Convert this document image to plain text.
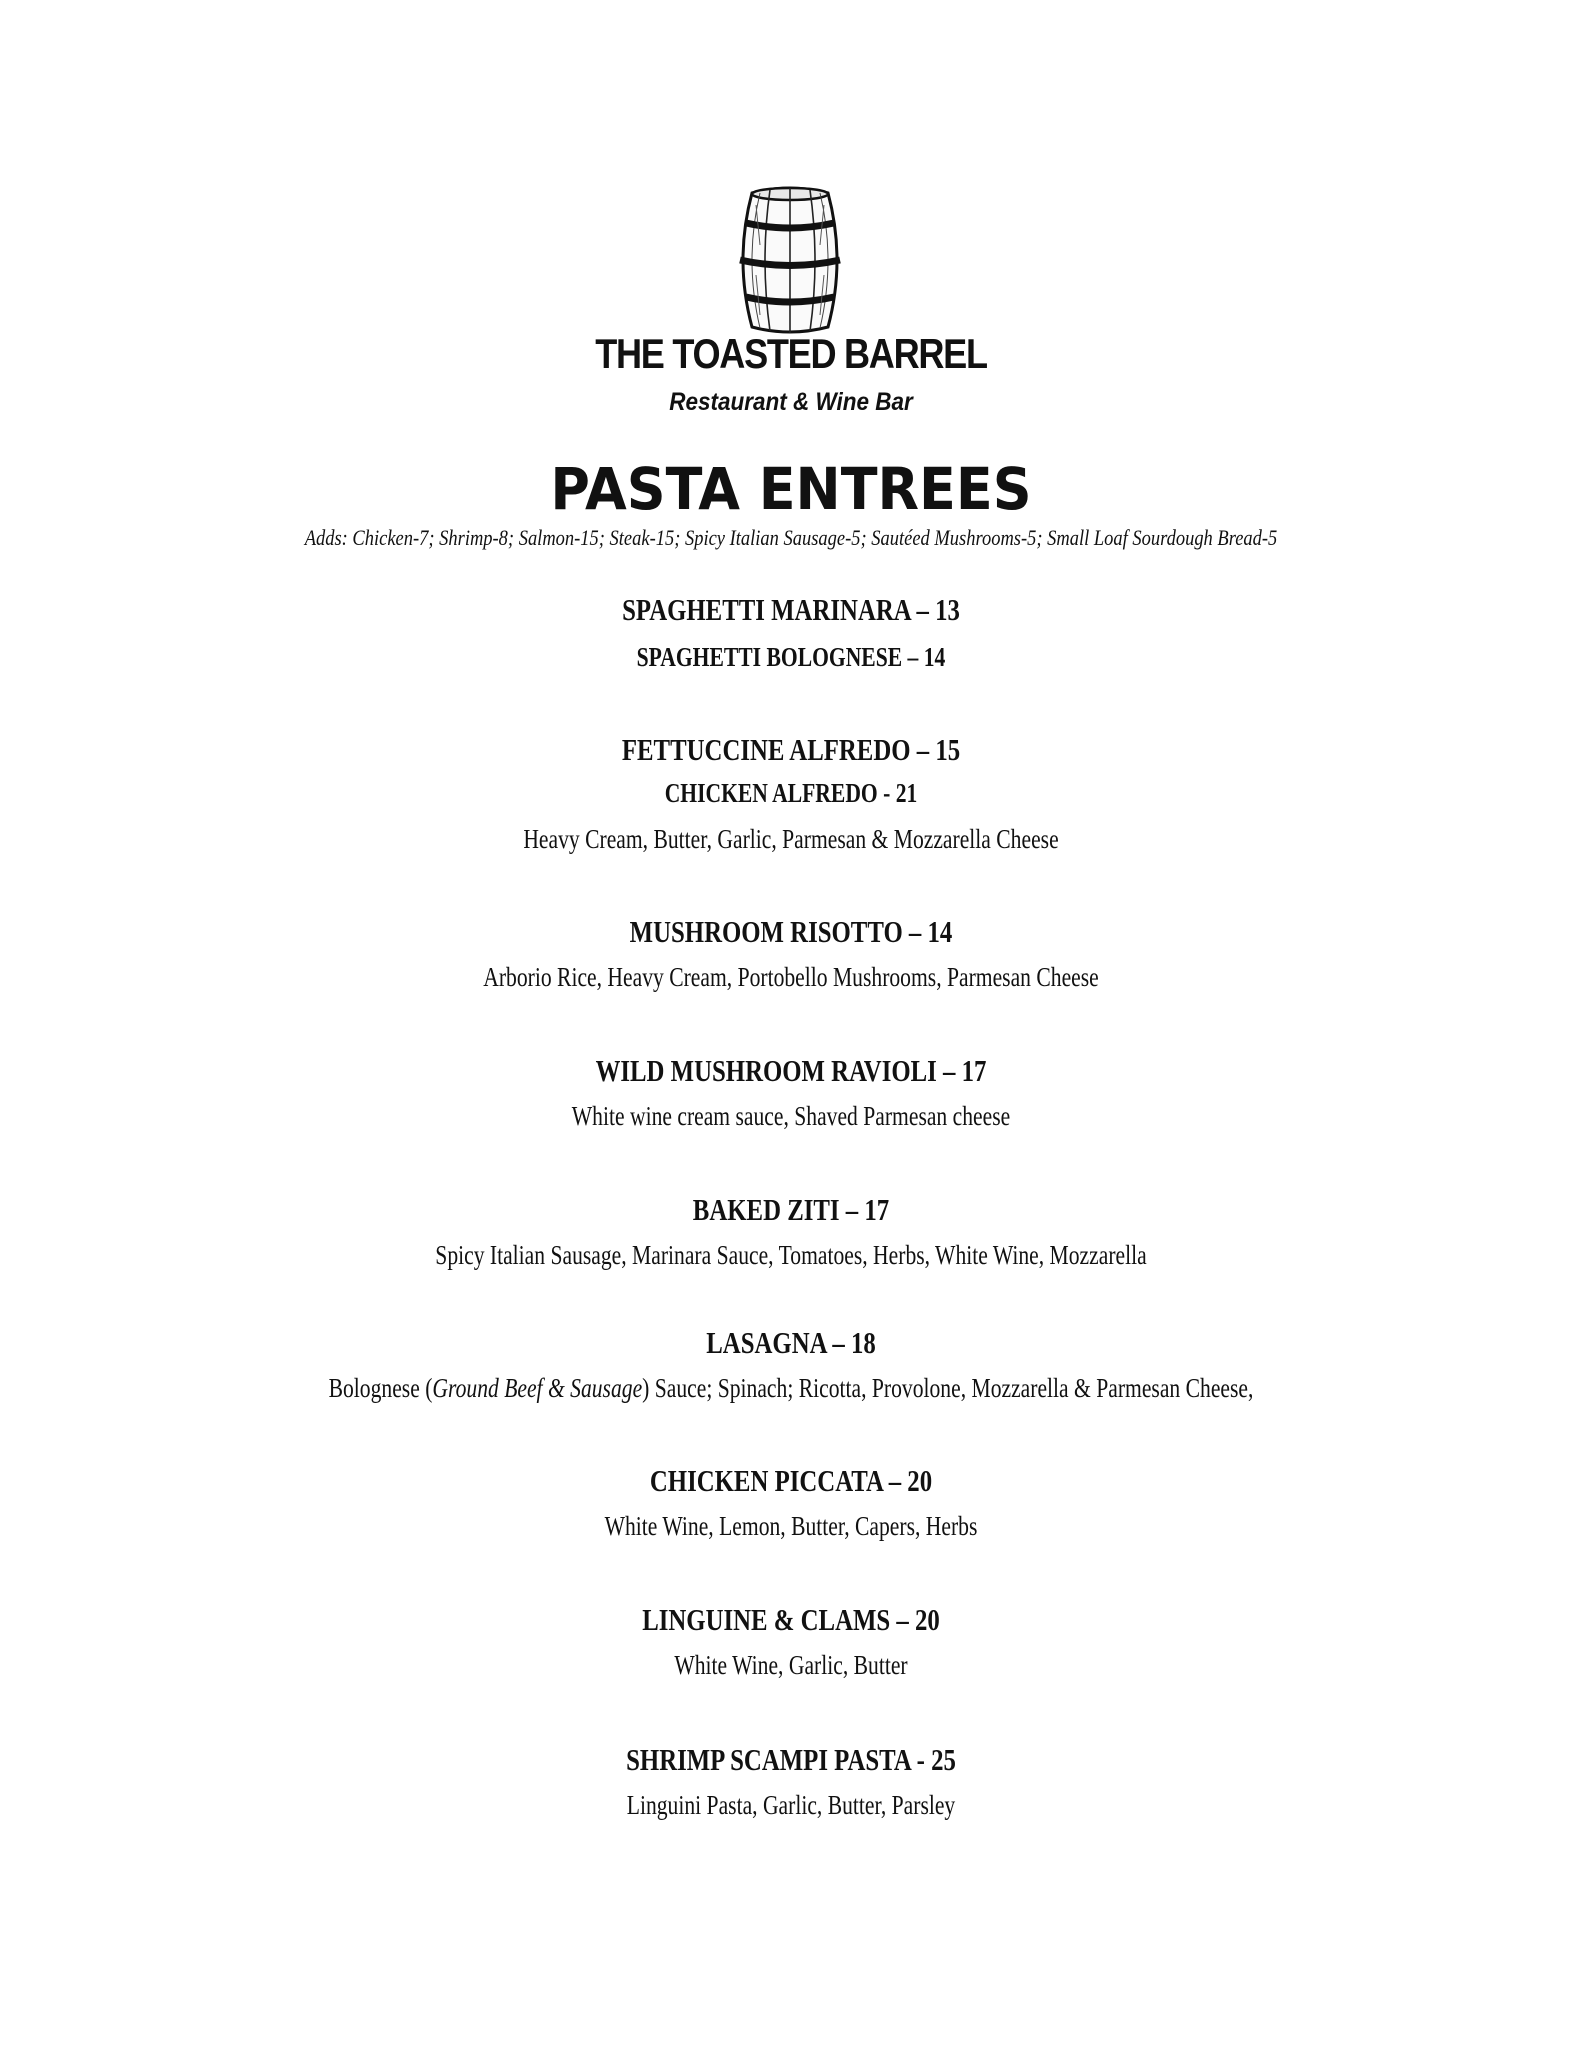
THE TOASTED BARREL
Restaurant & Wine Bar
PASTA ENTREES
Adds: Chicken-7; Shrimp-8; Salmon-15; Steak-15; Spicy Italian Sausage-5; Sautéed Mushrooms-5; Small Loaf Sourdough Bread-5
SPAGHETTI MARINARA – 13
SPAGHETTI BOLOGNESE – 14
FETTUCCINE ALFREDO – 15
CHICKEN ALFREDO - 21
Heavy Cream, Butter, Garlic, Parmesan & Mozzarella Cheese
MUSHROOM RISOTTO – 14
Arborio Rice, Heavy Cream, Portobello Mushrooms, Parmesan Cheese
WILD MUSHROOM RAVIOLI – 17
White wine cream sauce, Shaved Parmesan cheese
BAKED ZITI – 17
Spicy Italian Sausage, Marinara Sauce, Tomatoes, Herbs, White Wine, Mozzarella
LASAGNA – 18
Bolognese (Ground Beef & Sausage) Sauce; Spinach; Ricotta, Provolone, Mozzarella & Parmesan Cheese,
CHICKEN PICCATA – 20
White Wine, Lemon, Butter, Capers, Herbs
LINGUINE & CLAMS – 20
White Wine, Garlic, Butter
SHRIMP SCAMPI PASTA - 25
Linguini Pasta, Garlic, Butter, Parsley
